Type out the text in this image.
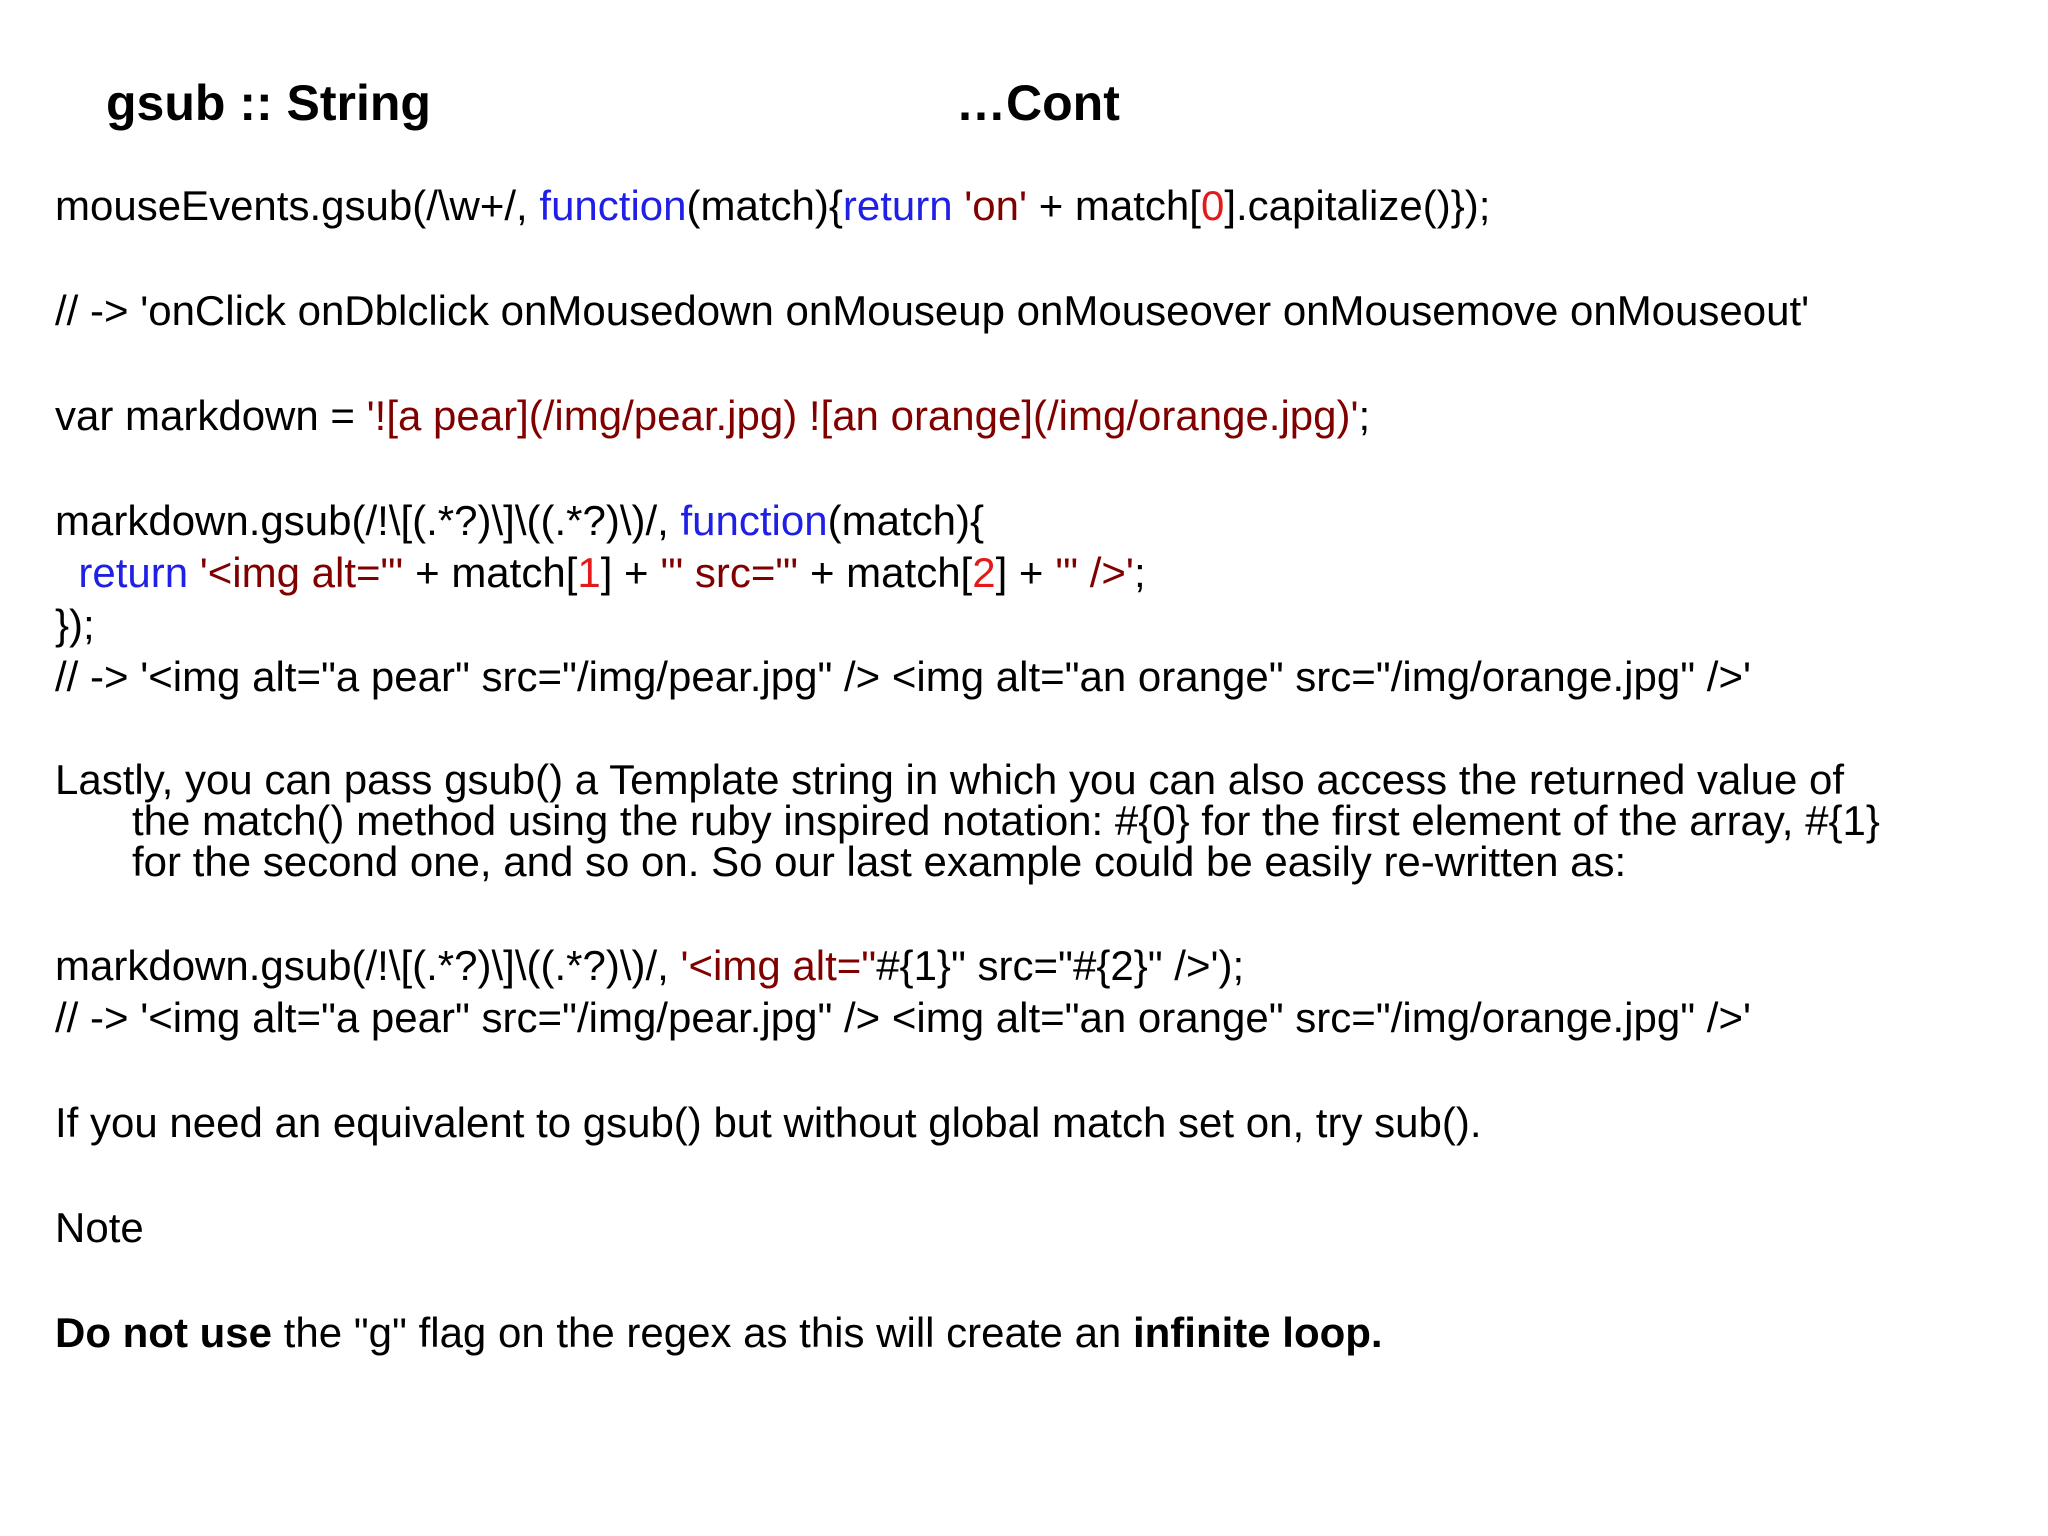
gsub :: String	…Cont
mouseEvents.gsub(/\w+/, function(match){return 'on' + match[0].capitalize()});
// -> 'onClick onDblclick onMousedown onMouseup onMouseover onMousemove onMouseout'
var markdown = '![a pear](/img/pear.jpg) ![an orange](/img/orange.jpg)';
markdown.gsub(/!\[(.*?)\]\((.*?)\)/, function(match){
return '<img alt="' + match[1] + '" src="' + match[2] + '" />';
});
// -> '<img alt="a pear" src="/img/pear.jpg" /> <img alt="an orange" src="/img/orange.jpg" />'
Lastly, you can pass gsub() a Template string in which you can also access the returned value of
the match() method using the ruby inspired notation: #{0} for the first element of the array, #{1}
for the second one, and so on. So our last example could be easily re-written as:
markdown.gsub(/!\[(.*?)\]\((.*?)\)/, '<img alt="#{1}" src="#{2}" />');
// -> '<img alt="a pear" src="/img/pear.jpg" /> <img alt="an orange" src="/img/orange.jpg" />'
If you need an equivalent to gsub() but without global match set on, try sub().
Note
Do not use the "g" flag on the regex as this will create an infinite loop.
